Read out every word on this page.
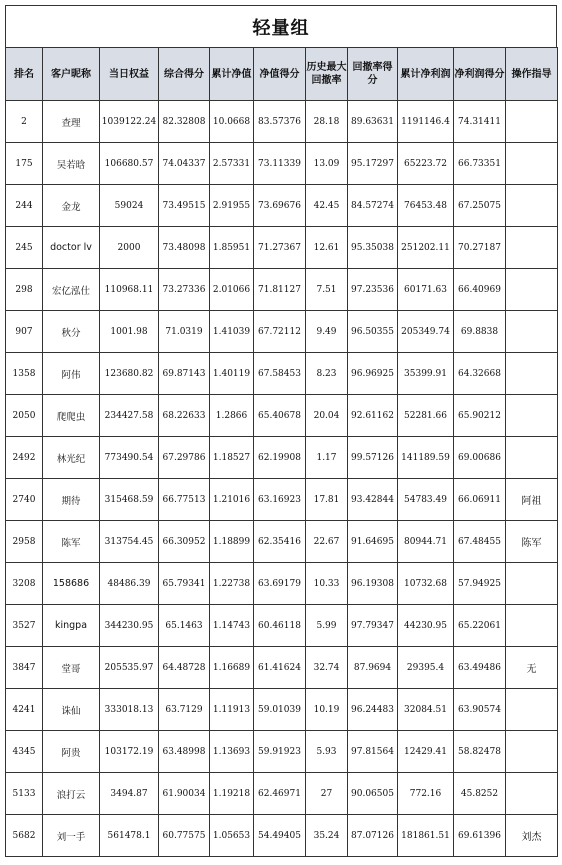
轻量组
排名	客户昵称	当日权益	综合得分	累计净值	净值得分	历史最大回撤率	回撤率得分	累计净利润	净利润得分	操作指导
2	查理	1039122.24	82.32808	10.0668	83.57376	28.18	89.63631	1191146.4	74.31411	
175	吴若晗	106680.57	74.04337	2.57331	73.11339	13.09	95.17297	65223.72	66.73351	
244	金龙	59024	73.49515	2.91955	73.69676	42.45	84.57274	76453.48	67.25075	
245	doctor lv	2000	73.48098	1.85951	71.27367	12.61	95.35038	251202.11	70.27187	
298	宏亿泓仕	110968.11	73.27336	2.01066	71.81127	7.51	97.23536	60171.63	66.40969	
907	秋分	1001.98	71.0319	1.41039	67.72112	9.49	96.50355	205349.74	69.8838	
1358	阿伟	123680.82	69.87143	1.40119	67.58453	8.23	96.96925	35399.91	64.32668	
2050	爬爬虫	234427.58	68.22633	1.2866	65.40678	20.04	92.61162	52281.66	65.90212	
2492	林光纪	773490.54	67.29786	1.18527	62.19908	1.17	99.57126	141189.59	69.00686	
2740	期待	315468.59	66.77513	1.21016	63.16923	17.81	93.42844	54783.49	66.06911	阿祖
2958	陈军	313754.45	66.30952	1.18899	62.35416	22.67	91.64695	80944.71	67.48455	陈军
3208	158686	48486.39	65.79341	1.22738	63.69179	10.33	96.19308	10732.68	57.94925	
3527	kingpa	344230.95	65.1463	1.14743	60.46118	5.99	97.79347	44230.95	65.22061	
3847	堂哥	205535.97	64.48728	1.16689	61.41624	32.74	87.9694	29395.4	63.49486	无
4241	诛仙	333018.13	63.7129	1.11913	59.01039	10.19	96.24483	32084.51	63.90574	
4345	阿贵	103172.19	63.48998	1.13693	59.91923	5.93	97.81564	12429.41	58.82478	
5133	浪打云	3494.87	61.90034	1.19218	62.46971	27	90.06505	772.16	45.8252	
5682	刘一手	561478.1	60.77575	1.05653	54.49405	35.24	87.07126	181861.51	69.61396	刘杰
